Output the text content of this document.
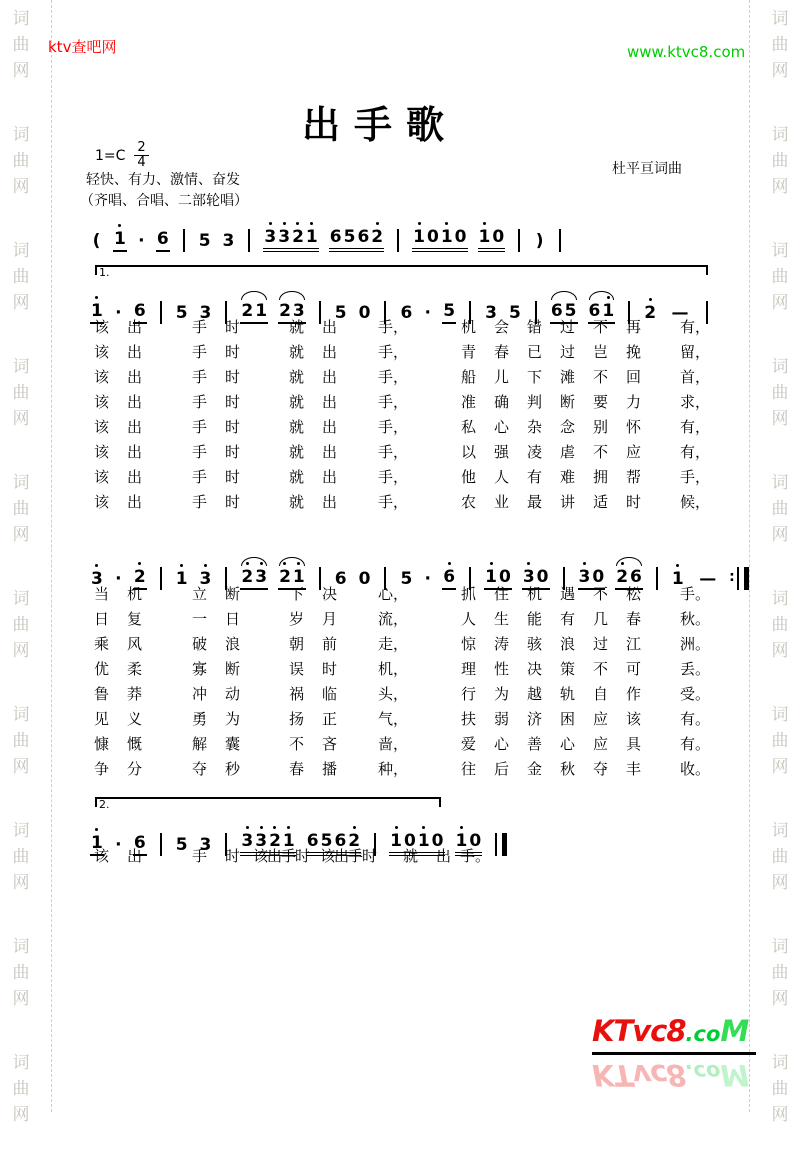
词
曲
网
词
曲
网
词
曲
网
词
曲
网
词
曲
网
词
曲
网
词
曲
网
词
曲
网
词
曲
网
词
曲
网
词
曲
网
词
曲
网
词
曲
网
词
曲
网
词
曲
网
词
曲
网
词
曲
网
词
曲
网
词
曲
网
词
曲
网
ktv查吧网	www.ktvc8.com
出手歌
$1=C \frac{2}{4}$
轻快、有力、激情、奋发
（齐唱、合唱、二部轮唱）
杜平亘词曲
( 1 · 6 5 3 3 3 2 1 6 5 6 2 1 0 1 0 1 0 )
1.
1 · 6 5 3 2 1 2 3 5 0 6 · 5 3 5 6 5 6 1 2 —
该	出	手	时	就	出	手，	机	会	错	过	不	再	有，
该	出	手	时	就	出	手，	青	春	已	过	岂	挽	留，
该	出	手	时	就	出	手，	船	儿	下	滩	不	回	首，
该	出	手	时	就	出	手，	准	确	判	断	要	力	求，
该	出	手	时	就	出	手，	私	心	杂	念	别	怀	有，
该	出	手	时	就	出	手，	以	强	凌	虐	不	应	有，
该	出	手	时	就	出	手，	他	人	有	难	拥	帮	手，
该	出	手	时	就	出	手，	农	业	最	讲	适	时	候，
3 · 2 1 3 2 3 2 1 6 0 5 · 6 1 0 3 0 3 0 2 6 1 — ∶
当	机	立	断	下	决	心，	抓	住	机	遇	不	松	手。
日	复	一	日	岁	月	流，	人	生	能	有	几	春	秋。
乘	风	破	浪	朝	前	走，	惊	涛	骇	浪	过	江	洲。
优	柔	寡	断	误	时	机，	理	性	决	策	不	可	丢。
鲁	莽	冲	动	祸	临	头，	行	为	越	轨	自	作	受。
见	义	勇	为	扬	正	气，	扶	弱	济	困	应	该	有。
慷	慨	解	囊	不	吝	啬，	爱	心	善	心	应	具	有。
争	分	夺	秒	春	播	种，	往	后	金	秋	夺	丰	收。
2.
1 · 6 5 3 3 3 2 1 6 5 6 2 1 0 1 0 1 0
该	出	手	时 该出手时 该出手时	就	出 手。
KTvc8.coM
KTvc8.coM
